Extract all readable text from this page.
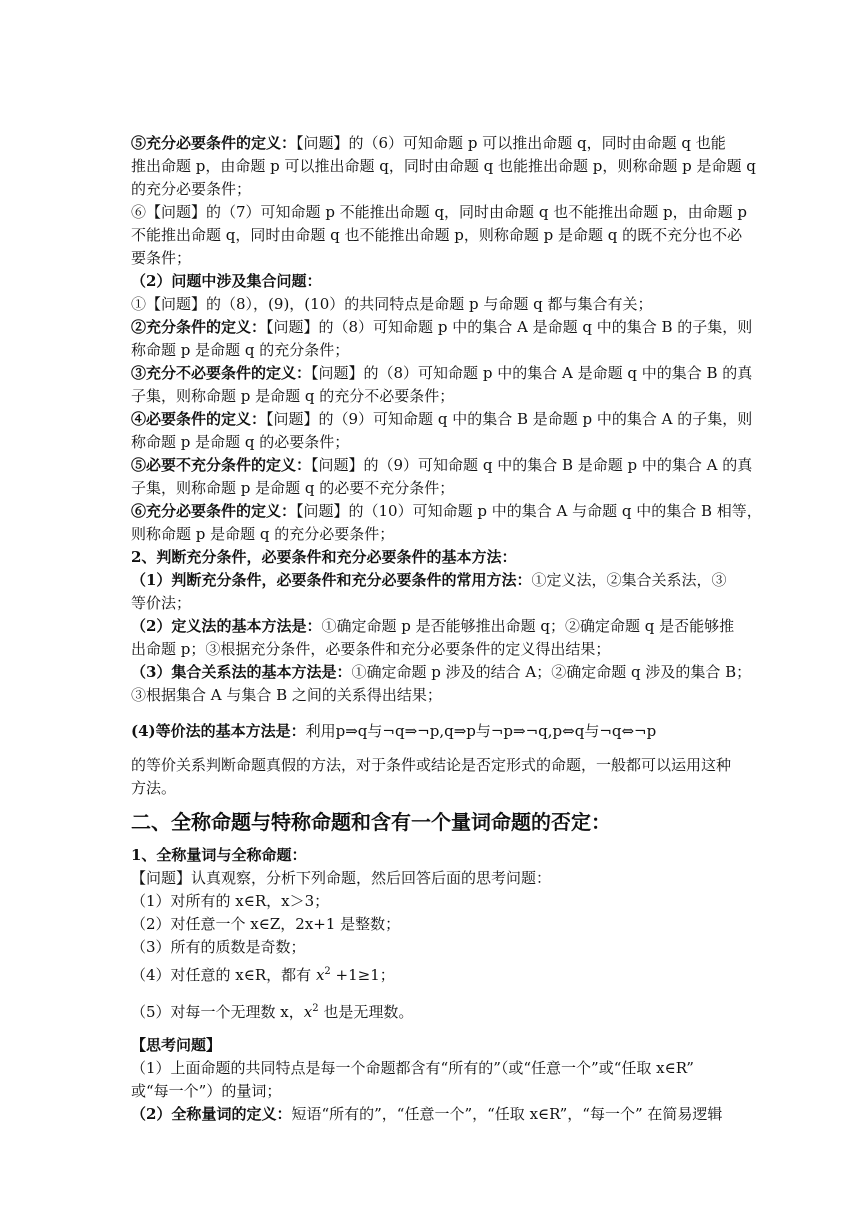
⑤充分必要条件的定义：【问题】的（6）可知命题 p 可以推出命题 q，同时由命题 q 也能
推出命题 p，由命题 p 可以推出命题 q，同时由命题 q 也能推出命题 p，则称命题 p 是命题 q
的充分必要条件；
⑥【问题】的（7）可知命题 p 不能推出命题 q，同时由命题 q 也不能推出命题 p，由命题 p
不能推出命题 q，同时由命题 q 也不能推出命题 p，则称命题 p 是命题 q 的既不充分也不必
要条件；
（2）问题中涉及集合问题：
①【问题】的（8），(9)，(10）的共同特点是命题 p 与命题 q 都与集合有关；
②充分条件的定义：【问题】的（8）可知命题 p 中的集合 A 是命题 q 中的集合 B 的子集，则
称命题 p 是命题 q 的充分条件；
③充分不必要条件的定义：【问题】的（8）可知命题 p 中的集合 A 是命题 q 中的集合 B 的真
子集，则称命题 p 是命题 q 的充分不必要条件；
④必要条件的定义：【问题】的（9）可知命题 q 中的集合 B 是命题 p 中的集合 A 的子集，则
称命题 p 是命题 q 的必要条件；
⑤必要不充分条件的定义：【问题】的（9）可知命题 q 中的集合 B 是命题 p 中的集合 A 的真
子集，则称命题 p 是命题 q 的必要不充分条件；
⑥充分必要条件的定义：【问题】的（10）可知命题 p 中的集合 A 与命题 q 中的集合 B 相等，
则称命题 p 是命题 q 的充分必要条件；
2、判断充分条件，必要条件和充分必要条件的基本方法：
（1）判断充分条件，必要条件和充分必要条件的常用方法：①定义法，②集合关系法，③
等价法；
（2）定义法的基本方法是：①确定命题 p 是否能够推出命题 q；②确定命题 q 是否能够推
出命题 p；③根据充分条件，必要条件和充分必要条件的定义得出结果；
（3）集合关系法的基本方法是：①确定命题 p 涉及的结合 A；②确定命题 q 涉及的集合 B；
③根据集合 A 与集合 B 之间的关系得出结果；
(4)等价法的基本方法是：利用p⇒q与¬q⇒¬p,q⇒p与¬p⇒¬q,p⇔q与¬q⇔¬p
的等价关系判断命题真假的方法，对于条件或结论是否定形式的命题，一般都可以运用这种
方法。
二、全称命题与特称命题和含有一个量词命题的否定：
1、全称量词与全称命题：
【问题】认真观察，分析下列命题，然后回答后面的思考问题：
（1）对所有的 x∈R，x＞3；
（2）对任意一个 x∈Z，2x+1 是整数；
（3）所有的质数是奇数；
（4）对任意的 x∈R，都有 $x^2 +1\ge 1$；
（5）对每一个无理数 x，$x^2$ 也是无理数。
【思考问题】
（1）上面命题的共同特点是每一个命题都含有“所有的”（或“任意一个”或“任取 x∈R”
或“每一个”）的量词；
（2）全称量词的定义：短语“所有的”，“任意一个”，“任取 x∈R”，“每一个” 在简易逻辑
